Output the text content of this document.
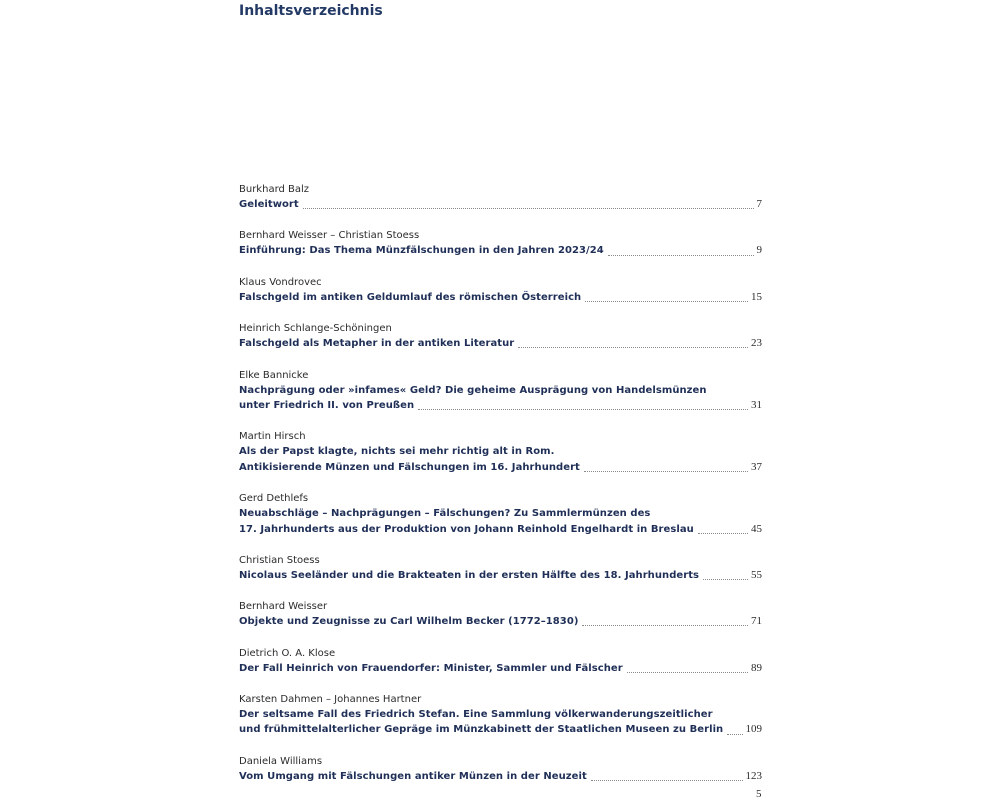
Inhaltsverzeichnis
Burkhard Balz
Geleitwort	7
Bernhard Weisser – Christian Stoess
Einführung: Das Thema Münzfälschungen in den Jahren 2023/24	9
Klaus Vondrovec
Falschgeld im antiken Geldumlauf des römischen Österreich	15
Heinrich Schlange-Schöningen
Falschgeld als Metapher in der antiken Literatur	23
Elke Bannicke
Nachprägung oder »infames« Geld? Die geheime Ausprägung von Handelsmünzen
unter Friedrich II. von Preußen	31
Martin Hirsch
Als der Papst klagte, nichts sei mehr richtig alt in Rom.
Antikisierende Münzen und Fälschungen im 16. Jahrhundert	37
Gerd Dethlefs
Neuabschläge – Nachprägungen – Fälschungen? Zu Sammlermünzen des
17. Jahrhunderts aus der Produktion von Johann Reinhold Engelhardt in Breslau	45
Christian Stoess
Nicolaus Seeländer und die Brakteaten in der ersten Hälfte des 18. Jahrhunderts	55
Bernhard Weisser
Objekte und Zeugnisse zu Carl Wilhelm Becker (1772–1830)	71
Dietrich O. A. Klose
Der Fall Heinrich von Frauendorfer: Minister, Sammler und Fälscher	89
Karsten Dahmen – Johannes Hartner
Der seltsame Fall des Friedrich Stefan. Eine Sammlung völkerwanderungszeitlicher
und frühmittelalterlicher Gepräge im Münzkabinett der Staatlichen Museen zu Berlin 109
Daniela Williams
Vom Umgang mit Fälschungen antiker Münzen in der Neuzeit	123
5
